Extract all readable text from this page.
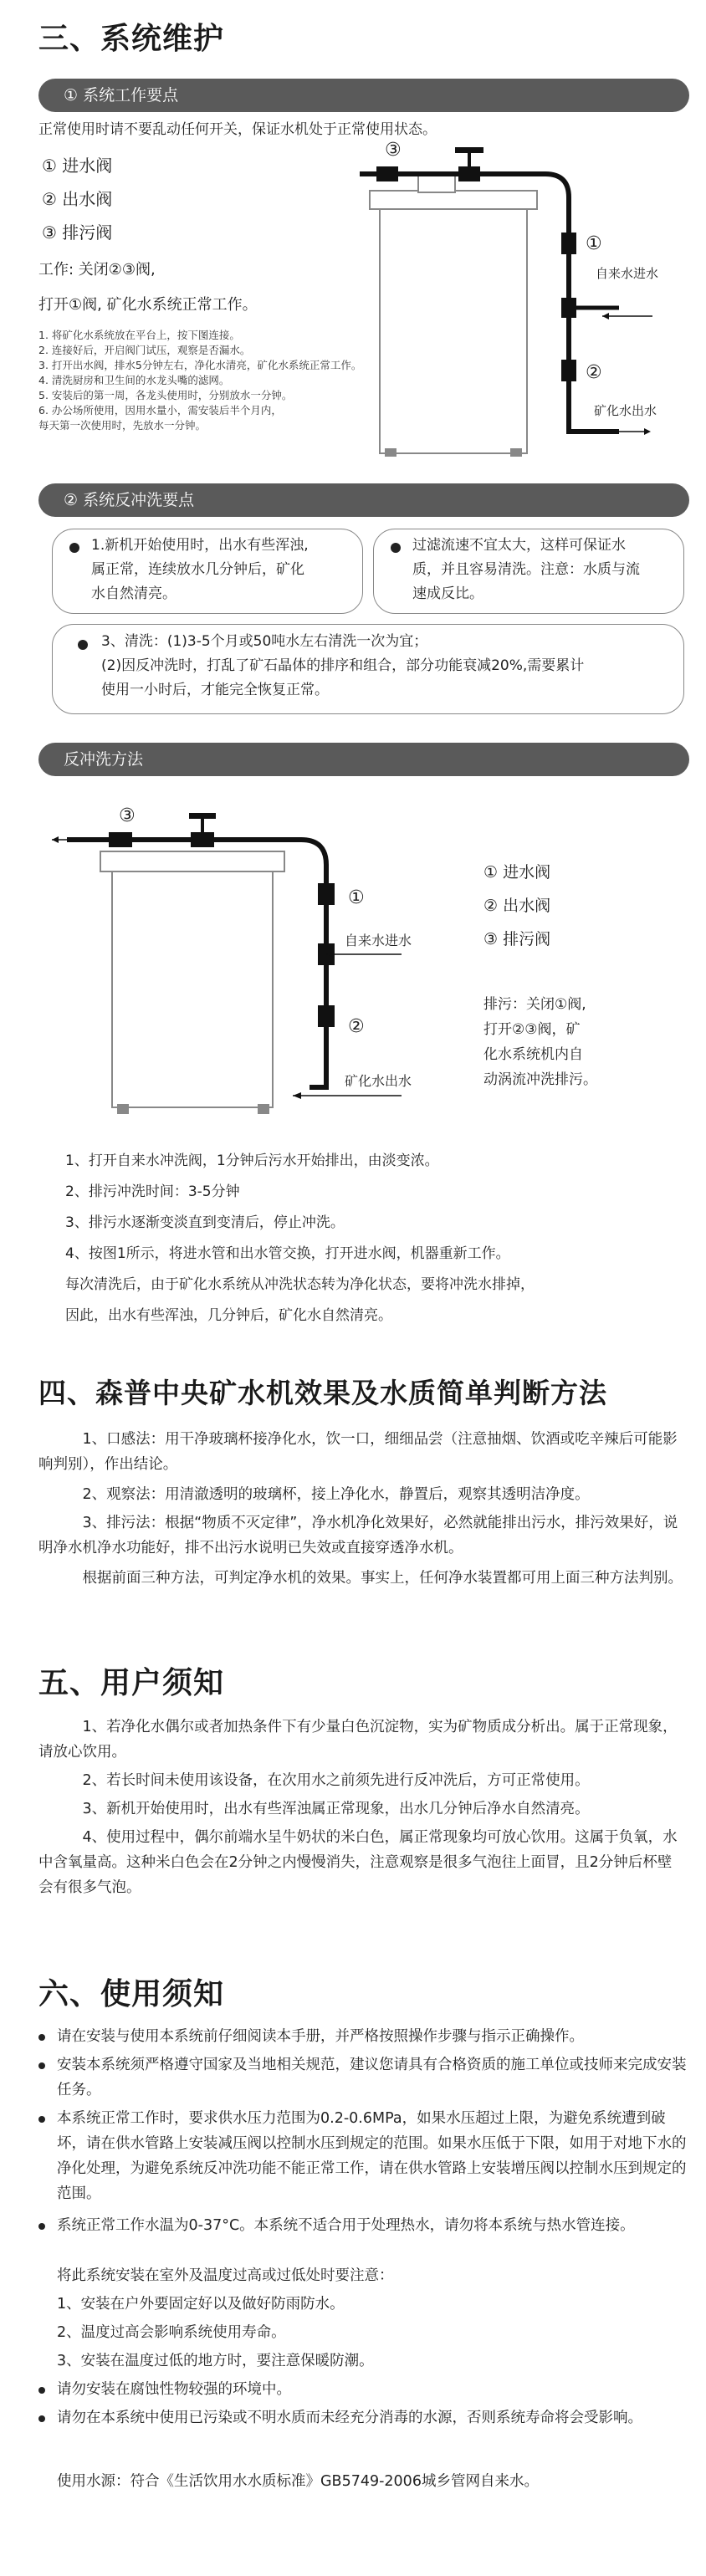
三、系统维护
① 系统工作要点
正常使用时请不要乱动任何开关，保证水机处于正常使用状态。
① 进水阀
② 出水阀
③ 排污阀
工作: 关闭②③阀,
打开①阀, 矿化水系统正常工作。
1. 将矿化水系统放在平台上，按下图连接。
2. 连接好后，开启阀门试压，观察是否漏水。
3. 打开出水阀，排水5分钟左右，净化水清亮，矿化水系统正常工作。
4. 清洗厨房和卫生间的水龙头嘴的滤网。
5. 安装后的第一周，各龙头使用时，分别放水一分钟。
6. 办公场所使用，因用水量小，需安装后半个月内，
每天第一次使用时，先放水一分钟。
③
①
②
自来水进水
矿化水出水
② 系统反冲洗要点
1.新机开始使用时，出水有些浑浊,
属正常，连续放水几分钟后，矿化
水自然清亮。
过滤流速不宜太大，这样可保证水
质，并且容易清洗。注意：水质与流
速成反比。
3、清洗：(1)3-5个月或50吨水左右清洗一次为宜；
(2)因反冲洗时，打乱了矿石晶体的排序和组合，部分功能衰减20%,需要累计
使用一小时后，才能完全恢复正常。
反冲洗方法
③
①
②
自来水进水
矿化水出水
① 进水阀
② 出水阀
③ 排污阀
排污：关闭①阀,
打开②③阀，矿
化水系统机内自
动涡流冲洗排污。
1、打开自来水冲洗阀，1分钟后污水开始排出，由淡变浓。
2、排污冲洗时间：3-5分钟
3、排污水逐渐变淡直到变清后，停止冲洗。
4、按图1所示，将进水管和出水管交换，打开进水阀，机器重新工作。
每次清洗后，由于矿化水系统从冲洗状态转为净化状态，要将冲洗水排掉，
因此，出水有些浑浊，几分钟后，矿化水自然清亮。
四、森普中央矿水机效果及水质简单判断方法
1、口感法：用干净玻璃杯接净化水，饮一口，细细品尝（注意抽烟、饮酒或吃辛辣后可能影响判别），作出结论。
2、观察法：用清澈透明的玻璃杯，接上净化水，静置后，观察其透明洁净度。
3、排污法：根据“物质不灭定律”，净水机净化效果好，必然就能排出污水，排污效果好，说明净水机净水功能好，排不出污水说明已失效或直接穿透净水机。
根据前面三种方法，可判定净水机的效果。事实上，任何净水装置都可用上面三种方法判别。
五、用户须知
1、若净化水偶尔或者加热条件下有少量白色沉淀物，实为矿物质成分析出。属于正常现象，请放心饮用。
2、若长时间未使用该设备，在次用水之前须先进行反冲洗后，方可正常使用。
3、新机开始使用时，出水有些浑浊属正常现象，出水几分钟后净水自然清亮。
4、使用过程中，偶尔前端水呈牛奶状的米白色，属正常现象均可放心饮用。这属于负氧，水中含氧量高。这种米白色会在2分钟之内慢慢消失，注意观察是很多气泡往上面冒，且2分钟后杯壁会有很多气泡。
六、使用须知
请在安装与使用本系统前仔细阅读本手册，并严格按照操作步骤与指示正确操作。
安装本系统须严格遵守国家及当地相关规范，建议您请具有合格资质的施工单位或技师来完成安装任务。
本系统正常工作时，要求供水压力范围为0.2-0.6MPa，如果水压超过上限，为避免系统遭到破坏，请在供水管路上安装减压阀以控制水压到规定的范围。如果水压低于下限，如用于对地下水的净化处理，为避免系统反冲洗功能不能正常工作，请在供水管路上安装增压阀以控制水压到规定的范围。
系统正常工作水温为0-37°C。本系统不适合用于处理热水，请勿将本系统与热水管连接。
将此系统安装在室外及温度过高或过低处时要注意：
1、安装在户外要固定好以及做好防雨防水。
2、温度过高会影响系统使用寿命。
3、安装在温度过低的地方时，要注意保暖防潮。
请勿安装在腐蚀性物较强的环境中。
请勿在本系统中使用已污染或不明水质而未经充分消毒的水源，否则系统寿命将会受影响。
使用水源：符合《生活饮用水水质标准》GB5749-2006城乡管网自来水。
